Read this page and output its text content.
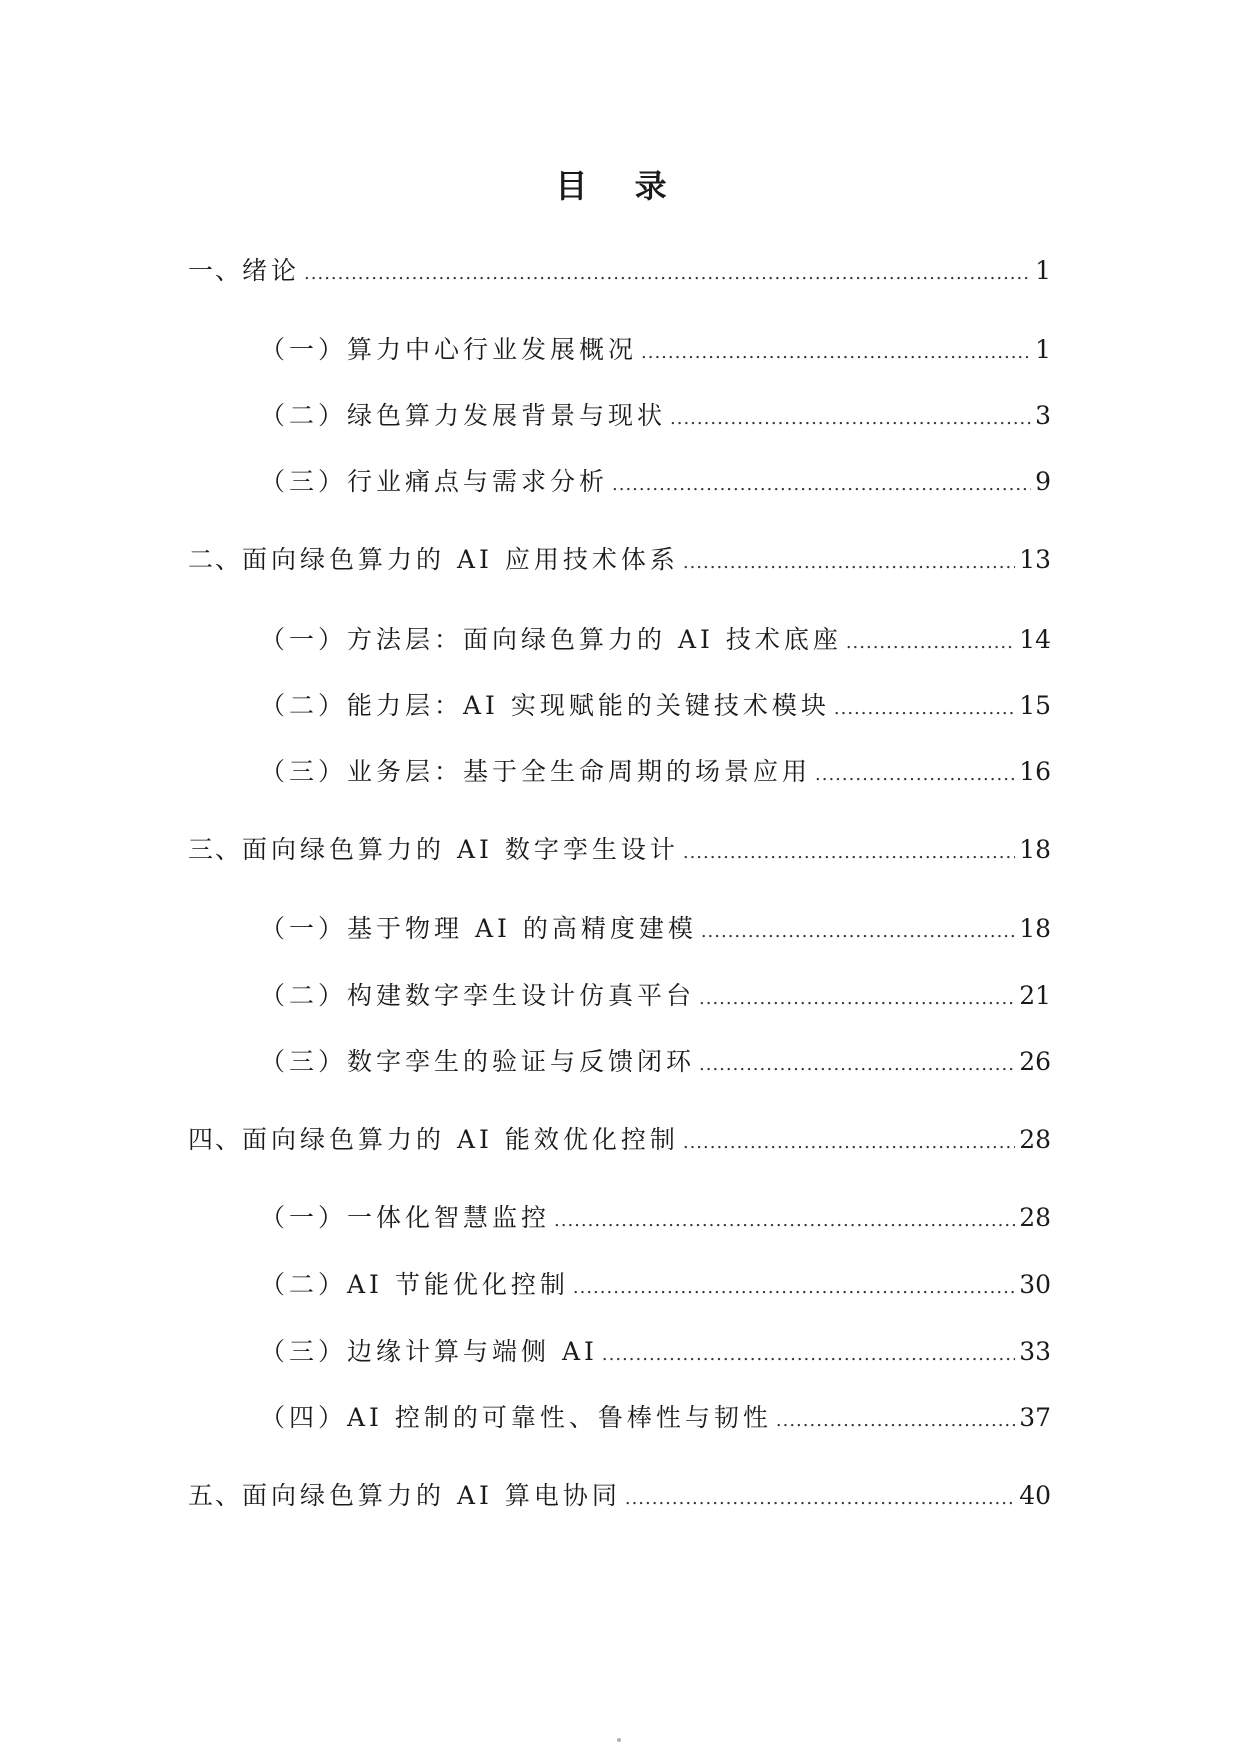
目 录
一、 绪论 .....	1
（一）算力中心行业发展概况 .....	1
（二）绿色算力发展背景与现状 .....	3
（三）行业痛点与需求分析 .....	9
二、 面向绿色算力的 AI 应用技术体系 .....	13
（一）方法层：面向绿色算力的 AI 技术底座 .....	14
（二）能力层：AI 实现赋能的关键技术模块 .....	15
（三）业务层：基于全生命周期的场景应用 .....	16
三、 面向绿色算力的 AI 数字孪生设计 .....	18
（一）基于物理 AI 的高精度建模 .....	18
（二）构建数字孪生设计仿真平台 .....	21
（三）数字孪生的验证与反馈闭环 .....	26
四、 面向绿色算力的 AI 能效优化控制 .....	28
（一）一体化智慧监控 .....	28
（二）AI 节能优化控制 .....	30
（三）边缘计算与端侧 AI .....	33
（四）AI 控制的可靠性、鲁棒性与韧性 .....	37
五、 面向绿色算力的 AI 算电协同 .....	40
